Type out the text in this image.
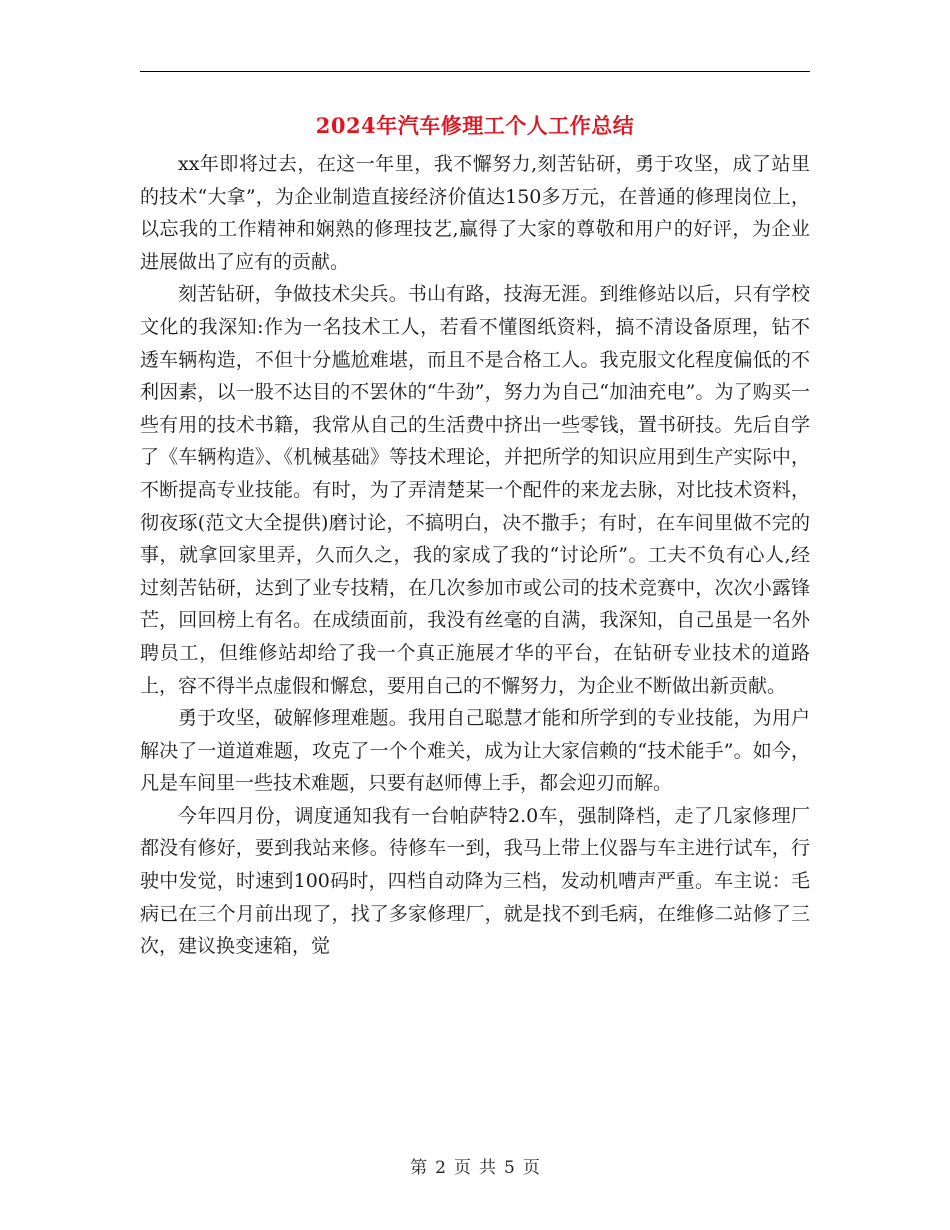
2024年汽车修理工个人工作总结

xx年即将过去，在这一年里，我不懈努力,刻苦钻研，勇于攻坚，成了站里的技术“大拿”，为企业制造直接经济价值达150多万元，在普通的修理岗位上，以忘我的工作精神和娴熟的修理技艺,赢得了大家的尊敬和用户的好评，为企业进展做出了应有的贡献。

刻苦钻研，争做技术尖兵。书山有路，技海无涯。到维修站以后，只有学校文化的我深知:作为一名技术工人，若看不懂图纸资料，搞不清设备原理，钻不透车辆构造，不但十分尴尬难堪，而且不是合格工人。我克服文化程度偏低的不利因素，以一股不达目的不罢休的“牛劲”，努力为自己“加油充电”。为了购买一些有用的技术书籍，我常从自己的生活费中挤出一些零钱，置书研技。先后自学了《车辆构造》、《机械基础》等技术理论，并把所学的知识应用到生产实际中，不断提高专业技能。有时，为了弄清楚某一个配件的来龙去脉，对比技术资料，彻夜琢(范文大全提供)磨讨论，不搞明白，决不撒手；有时，在车间里做不完的事，就拿回家里弄，久而久之，我的家成了我的“讨论所”。工夫不负有心人,经过刻苦钻研，达到了业专技精，在几次参加市或公司的技术竞赛中，次次小露锋芒，回回榜上有名。在成绩面前，我没有丝毫的自满，我深知，自己虽是一名外聘员工，但维修站却给了我一个真正施展才华的平台，在钻研专业技术的道路上，容不得半点虚假和懈怠，要用自己的不懈努力，为企业不断做出新贡献。

勇于攻坚，破解修理难题。我用自己聪慧才能和所学到的专业技能，为用户解决了一道道难题，攻克了一个个难关，成为让大家信赖的“技术能手”。如今，凡是车间里一些技术难题，只要有赵师傅上手，都会迎刃而解。

今年四月份，调度通知我有一台帕萨特2.0车，强制降档，走了几家修理厂都没有修好，要到我站来修。待修车一到，我马上带上仪器与车主进行试车，行驶中发觉，时速到100码时，四档自动降为三档，发动机嘈声严重。车主说：毛病已在三个月前出现了，找了多家修理厂，就是找不到毛病，在维修二站修了三次，建议换变速箱，觉

第 2 页 共 5 页
